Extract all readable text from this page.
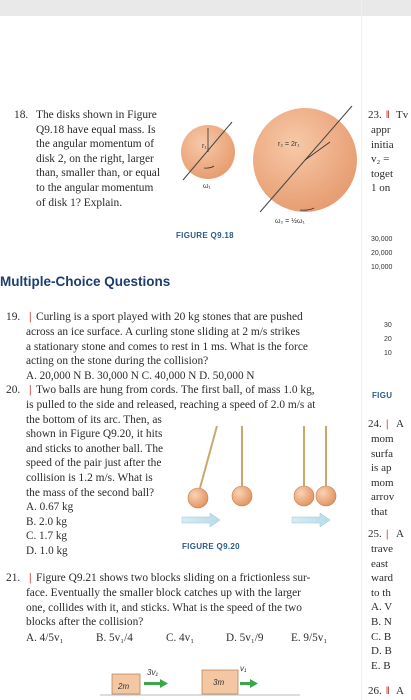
18. The disks shown in Figure
Q9.18 have equal mass. Is
the angular momentum of
disk 2, on the right, larger
than, smaller than, or equal
to the angular momentum
of disk 1? Explain.
r₁
ω₁
r₂ = 2r₁
ω₂ = ½ω₁
FIGURE Q9.18
Multiple-Choice Questions
19. | Curling is a sport played with 20 kg stones that are pushed
across an ice surface. A curling stone sliding at 2 m/s strikes
a stationary stone and comes to rest in 1 ms. What is the force
acting on the stone during the collision?
A. 20,000 N B. 30,000 N C. 40,000 N D. 50,000 N
20. | Two balls are hung from cords. The first ball, of mass 1.0 kg,
is pulled to the side and released, reaching a speed of 2.0 m/s at
the bottom of its arc. Then, as
shown in Figure Q9.20, it hits
and sticks to another ball. The
speed of the pair just after the
collision is 1.2 m/s. What is
the mass of the second ball?
A. 0.67 kg
B. 2.0 kg
C. 1.7 kg
D. 1.0 kg	FIGURE Q9.20
21. | Figure Q9.21 shows two blocks sliding on a frictionless sur-
face. Eventually the smaller block catches up with the larger
one, collides with it, and sticks. What is the speed of the two
blocks after the collision?
A. 4/5v₁	B. 5v₁/4	C. 4v₁	D. 5v₁/9 E. 9/5v₁
2m
3v₁
3m
v₁
23. ‖ Tv
appr
initia
v₂ =
toget
1 on
30,000
20,000
10,000
30
20
10
FIGU
24. | A
mom
surfa
is ap
mom
arrov
that
25. | A
trave
east
ward
to th
A. V
B. N
C. B
D. B
E. B
26. ‖ A
